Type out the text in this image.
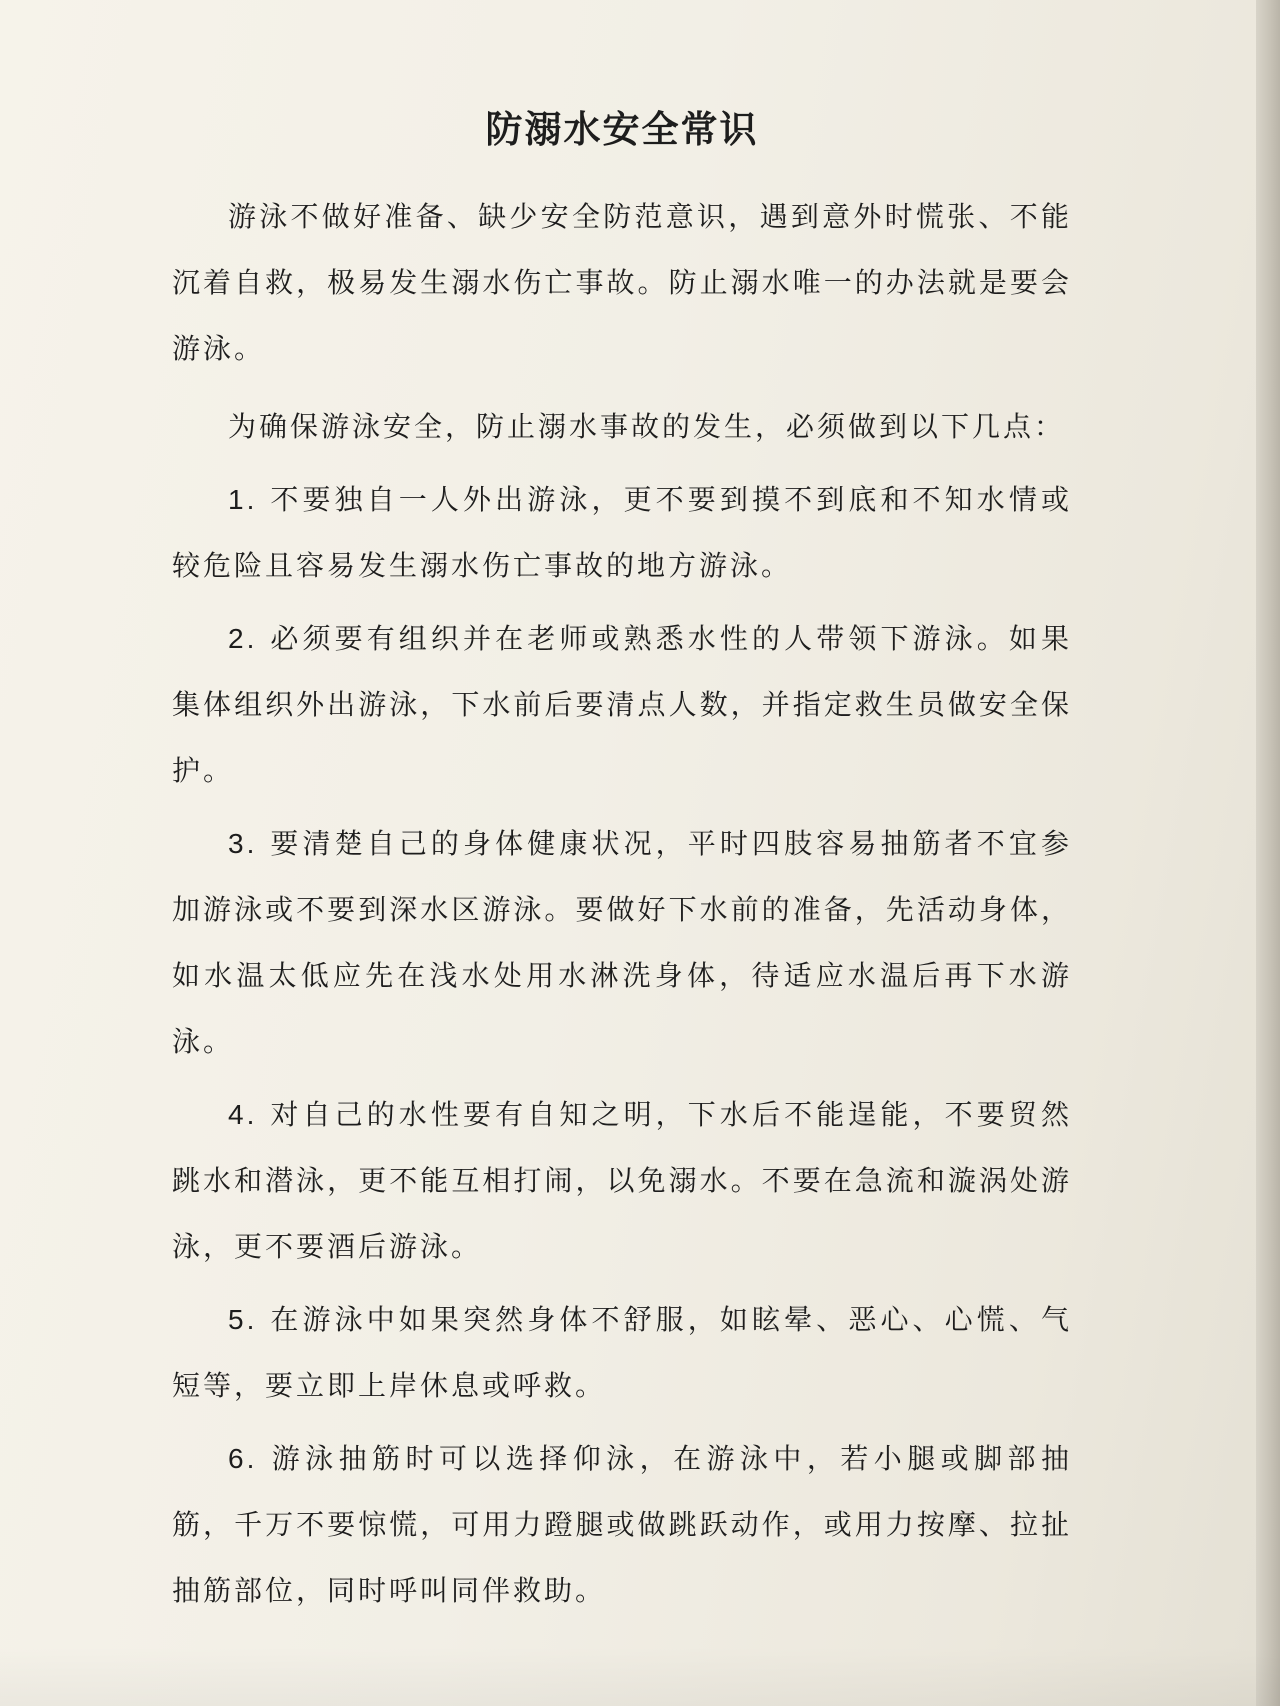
防溺水安全常识

游泳不做好准备、缺少安全防范意识，遇到意外时慌张、不能沉着自救，极易发生溺水伤亡事故。防止溺水唯一的办法就是要会游泳。

为确保游泳安全，防止溺水事故的发生，必须做到以下几点：

1. 不要独自一人外出游泳，更不要到摸不到底和不知水情或较危险且容易发生溺水伤亡事故的地方游泳。

2. 必须要有组织并在老师或熟悉水性的人带领下游泳。如果集体组织外出游泳，下水前后要清点人数，并指定救生员做安全保护。

3. 要清楚自己的身体健康状况，平时四肢容易抽筋者不宜参加游泳或不要到深水区游泳。要做好下水前的准备，先活动身体，如水温太低应先在浅水处用水淋洗身体，待适应水温后再下水游泳。

4. 对自己的水性要有自知之明，下水后不能逞能，不要贸然跳水和潜泳，更不能互相打闹，以免溺水。不要在急流和漩涡处游泳，更不要酒后游泳。

5. 在游泳中如果突然身体不舒服，如眩晕、恶心、心慌、气短等，要立即上岸休息或呼救。

6. 游泳抽筋时可以选择仰泳，在游泳中，若小腿或脚部抽筋，千万不要惊慌，可用力蹬腿或做跳跃动作，或用力按摩、拉扯抽筋部位，同时呼叫同伴救助。
